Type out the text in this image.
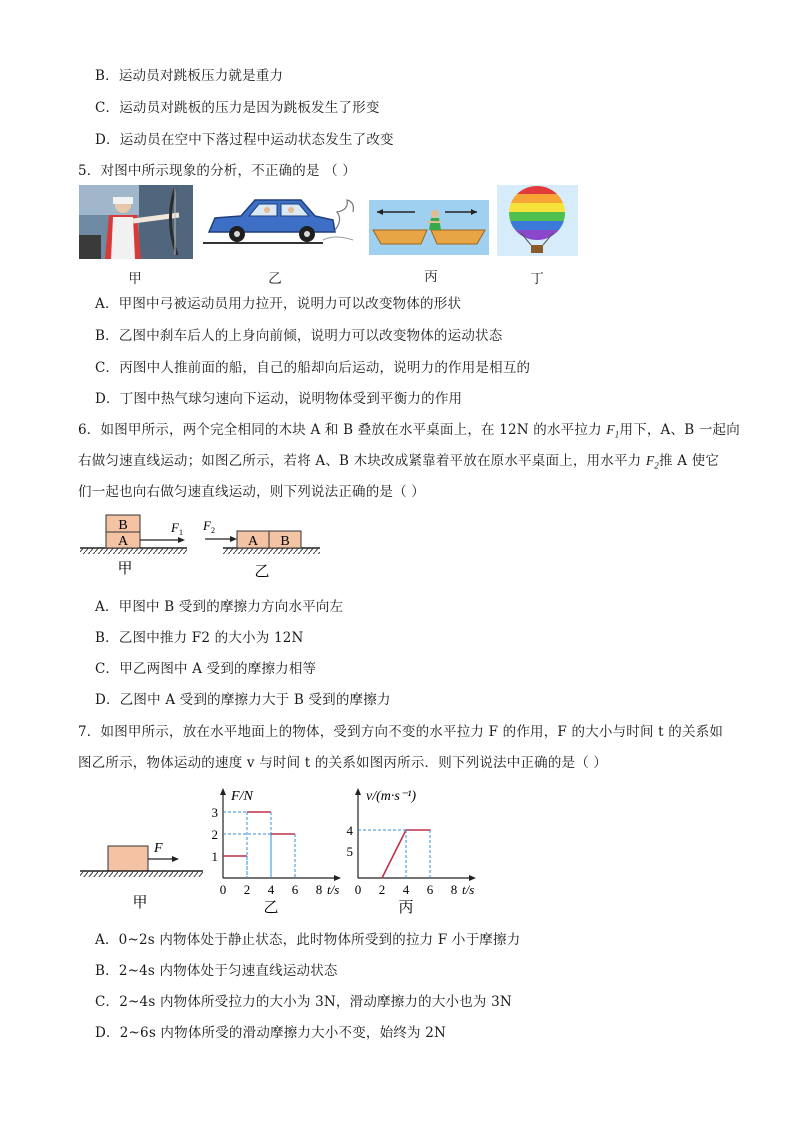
B．运动员对跳板压力就是重力
C．运动员对跳板的压力是因为跳板发生了形变
D．运动员在空中下落过程中运动状态发生了改变
5．对图中所示现象的分析，不正确的是 （ ）
甲	乙	丙	丁
A．甲图中弓被运动员用力拉开，说明力可以改变物体的形状
B．乙图中刹车后人的上身向前倾，说明力可以改变物体的运动状态
C．丙图中人推前面的船，自己的船却向后运动，说明力的作用是相互的
D．丁图中热气球匀速向下运动，说明物体受到平衡力的作用
6．如图甲所示，两个完全相同的木块 A 和 B 叠放在水平桌面上，在 12N 的水平拉力 $F_1$用下，A、B 一起向
右做匀速直线运动；如图乙所示，若将 A、B 木块改成紧靠着平放在原水平桌面上，用水平力 $F_2$推 A 使它
们一起也向右做匀速直线运动，则下列说法正确的是（ ）
B
A
$F_1$
A B
$F_2$
甲	乙
A．甲图中 B 受到的摩擦力方向水平向左
B．乙图中推力 F2 的大小为 12N
C．甲乙两图中 A 受到的摩擦力相等
D．乙图中 A 受到的摩擦力大于 B 受到的摩擦力
7．如图甲所示，放在水平地面上的物体，受到方向不变的水平拉力 F 的作用，F 的大小与时间 t 的关系如
图乙所示，物体运动的速度 v 与时间 t 的关系如图丙所示．则下列说法中正确的是（ ）
F
甲
F/N
t/s
0 2 4 6 8
乙
1
2
3
v/(m·s⁻¹)
t/s
0 2 4 6 8
丙
4
5
A．0~2s 内物体处于静止状态，此时物体所受到的拉力 F 小于摩擦力
B．2~4s 内物体处于匀速直线运动状态
C．2~4s 内物体所受拉力的大小为 3N，滑动摩擦力的大小也为 3N
D．2~6s 内物体所受的滑动摩擦力大小不变，始终为 2N
